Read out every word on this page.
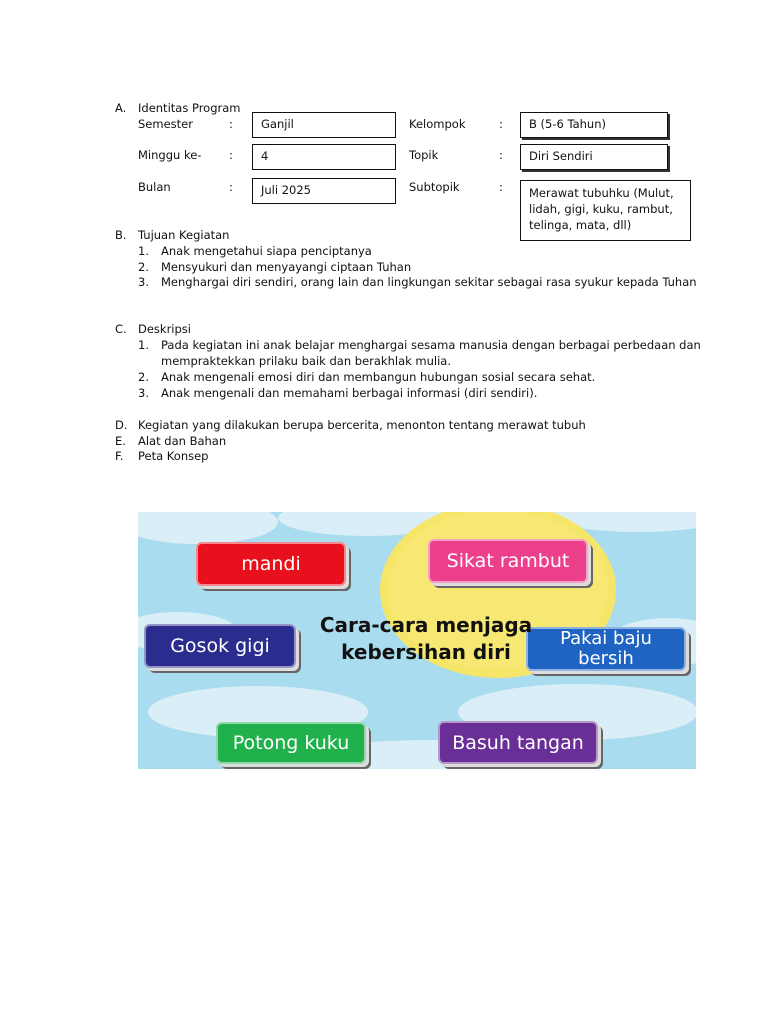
A. Identitas Program
Semester	:	Ganjil
Minggu ke- :	4
Bulan	:	Juli 2025
Kelompok	:	B (5-6 Tahun)
Topik	:	Diri Sendiri
Subtopik	:	Merawat tubuhku (Mulut, lidah, gigi, kuku, rambut, telinga, mata, dll)
B. Tujuan Kegiatan
1. Anak mengetahui siapa penciptanya
2. Mensyukuri dan menyayangi ciptaan Tuhan
3. Menghargai diri sendiri, orang lain dan lingkungan sekitar sebagai rasa syukur kepada Tuhan
C. Deskripsi
1. Pada kegiatan ini anak belajar menghargai sesama manusia dengan berbagai perbedaan dan
mempraktekkan prilaku baik dan berakhlak mulia.
2. Anak mengenali emosi diri dan membangun hubungan sosial secara sehat.
3. Anak mengenali dan memahami berbagai informasi (diri sendiri).
D. Kegiatan yang dilakukan berupa bercerita, menonton tentang merawat tubuh
E. Alat dan Bahan
F. Peta Konsep
mandi	Sikat rambut
Gosok gigi	Pakai baju bersih
Potong kuku	Basuh tangan
Cara-cara menjaga kebersihan diri
